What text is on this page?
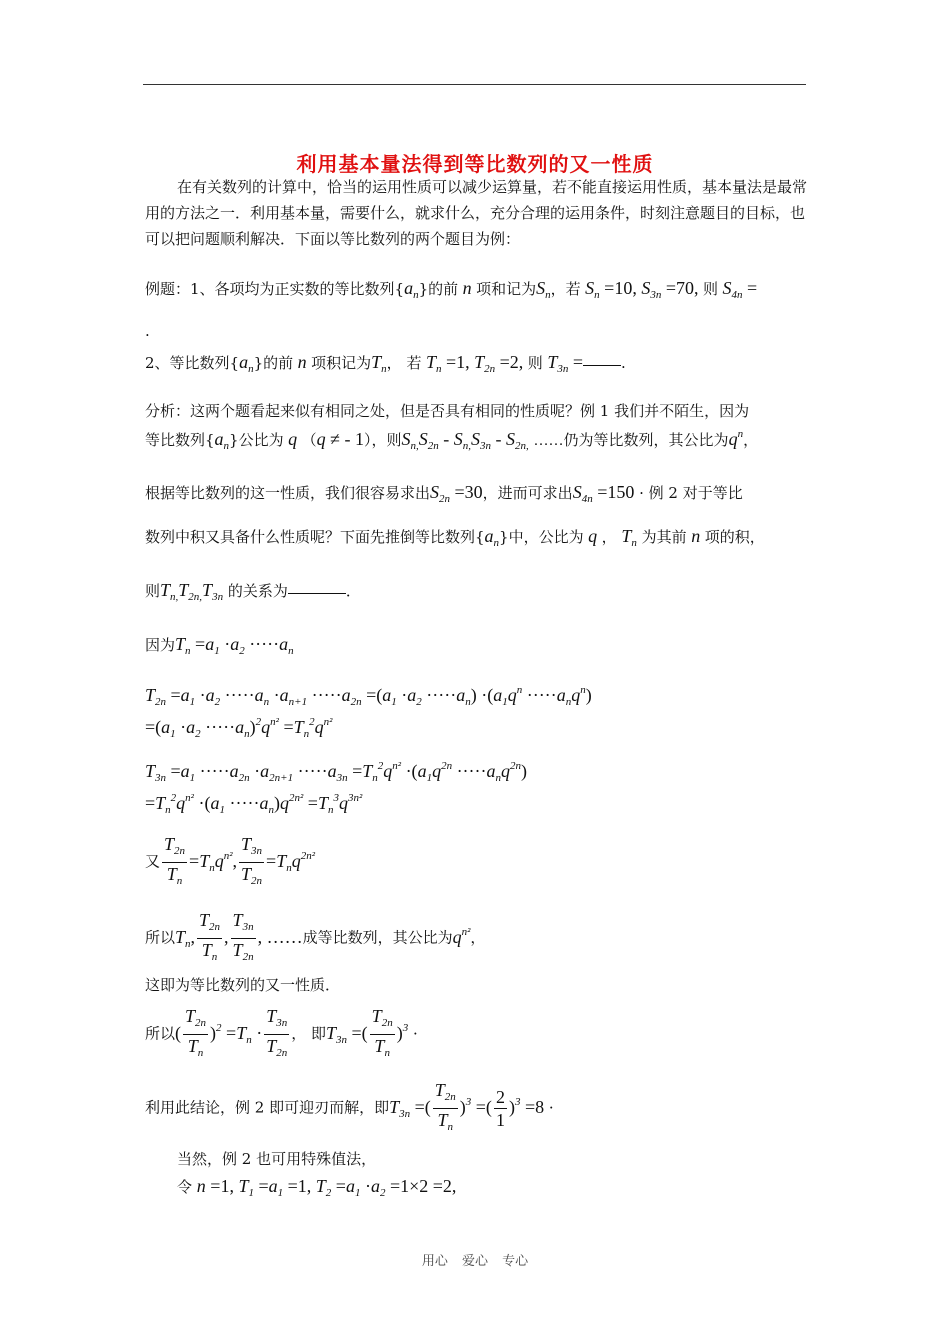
利用基本量法得到等比数列的又一性质
在有关数列的计算中，恰当的运用性质可以减少运算量，若不能直接运用性质，基本量法是最常用的方法之一．利用基本量，需要什么，就求什么，充分合理的运用条件，时刻注意题目的目标，也可以把问题顺利解决．下面以等比数列的两个题目为例：
例题：1、各项均为正实数的等比数列$\{a_n\}$的前 n 项和记为$S_n$，若 $S_n =10$, $S_{3n} =70$, 则 $S_{4n}$ =
.
2、等比数列$\{a_n\}$的前 n 项积记为$T_n$， 若 $T_n =1$, $T_{2n} =2$, 则 $T_{3n}$ =	.
分析：这两个题看起来似有相同之处，但是否具有相同的性质呢？例 1 我们并不陌生，因为
等比数列$\{a_n\}$公比为 q （q ≠ - 1），则$S_{n,}S_{2n} - S_{n,}S_{3n} - S_{2n,}$ ……仍为等比数列，其公比为$q^n$，
根据等比数列的这一性质，我们很容易求出$S_{2n} =30$，进而可求出$S_{4n} =150$ · 例 2 对于等比
数列中积又具备什么性质呢？下面先推倒等比数列$\{a_n\}$中，公比为 q ， $T_n$ 为其前 n 项的积，
则$T_{n,}T_{2n,}T_{3n}$ 的关系为	．
因为$T_n =a_1 \cdot a_2 \cdot\cdot\cdot\cdot\cdot a_n$
$T_{2n} =a_1 \cdot a_2 \cdot\cdot\cdot\cdot\cdot a_n \cdot a_{n+1} \cdot\cdot\cdot\cdot\cdot a_{2n} =(a_1 \cdot a_2 \cdot\cdot\cdot\cdot\cdot a_n) \cdot(a_1q^n \cdot\cdot\cdot\cdot\cdot a_nq^n)$
$=(a_1 \cdot a_2 \cdot\cdot\cdot\cdot\cdot a_n)^2q^{n^2} =T_n^2q^{n^2}$
$T_{3n} =a_1 \cdot\cdot\cdot\cdot\cdot a_{2n} \cdot a_{2n+1} \cdot\cdot\cdot\cdot\cdot a_{3n} =T_n^2q^{n^2} \cdot(a_1q^{2n} \cdot\cdot\cdot\cdot\cdot a_nq^{2n})$
$=T_n^2q^{n^2} \cdot(a_1 \cdot\cdot\cdot\cdot\cdot a_n)q^{2n^2} =T_n^3q^{3n^2}$
又 $\frac{T_{2n}}{T_n} =T_nq^{n^2}$, $\frac{T_{3n}}{T_{2n}} =T_nq^{2n^2}$
所以$T_n$, $\frac{T_{2n}}{T_n}$ , $\frac{T_{3n}}{T_{2n}}$ , ……成等比数列，其公比为$q^{n^2}$，
这即为等比数列的又一性质．
所以( $\frac{T_{2n}}{T_n} )^2 =T_n \cdot \frac{T_{3n}}{T_{2n}}$ ， 即$T_{3n}$ =( $\frac{T_{2n}}{T_n} )^3$ ·
利用此结论，例 2 即可迎刃而解，即$T_{3n}$ =( $\frac{T_{2n}}{T_n} )^3$ =( $\frac{2}{1} )^3 =8$ ·
当然，例 2 也可用特殊值法，
令 n =1, $T_1 =a_1 =1$, $T_2 =a_1 \cdot a_2 =1\times 2 =2$,
用心 爱心 专心
